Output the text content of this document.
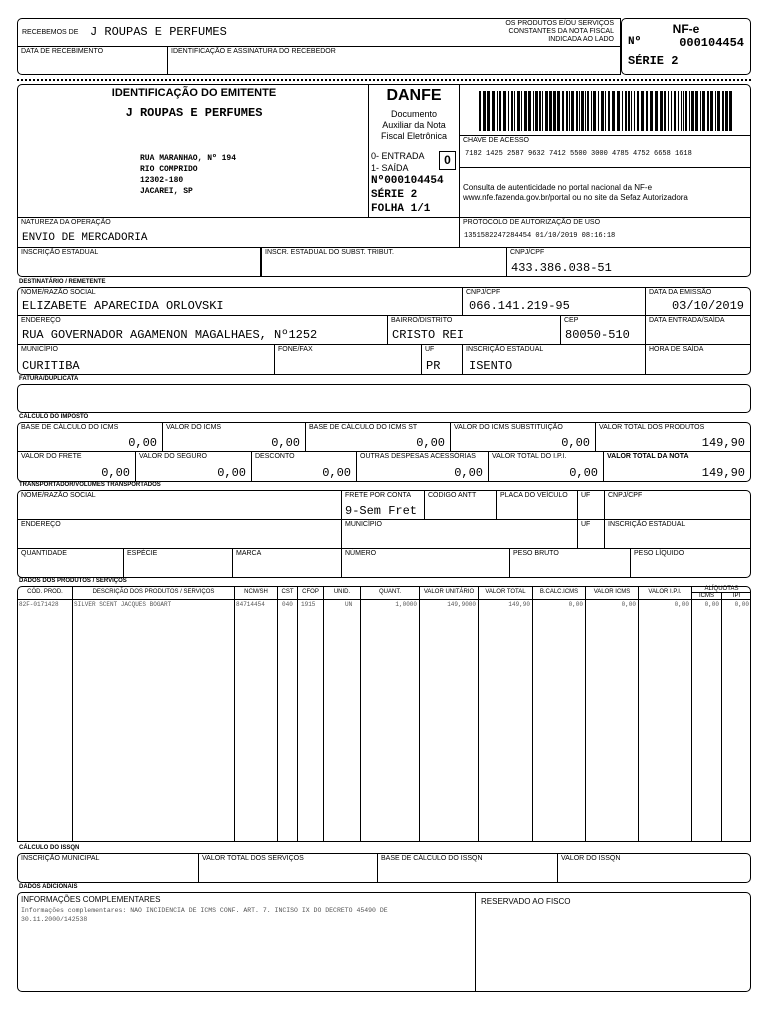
RECEBEMOS DE J ROUPAS E PERFUMES
OS PRODUTOS E/OU SERVIÇOS
CONSTANTES DA NOTA FISCAL
INDICADA AO LADO
DATA DE RECEBIMENTO	IDENTIFICAÇÃO E ASSINATURA DO RECEBEDOR
NF-e
Nº	000104454
SÉRIE 2
IDENTIFICAÇÃO DO EMITENTE
J ROUPAS E PERFUMES
RUA MARANHAO, Nº 194
RIO COMPRIDO
12302-180
JACAREI, SP
DANFE
Documento
Auxiliar da Nota
Fiscal Eletrônica
0- ENTRADA
1- SAÍDA
0
Nº000104454
SÉRIE 2
FOLHA 1/1
CHAVE DE ACESSO
7182 1425 2587 9632 7412 5500 3000 4785 4752 6658 1618
Consulta de autenticidade no portal nacional da NF-e
www.nfe.fazenda.gov.br/portal ou no site da Sefaz Autorizadora
NATUREZA DA OPERAÇÃO
ENVIO DE MERCADORIA
PROTOCOLO DE AUTORIZAÇÃO DE USO
1351582247284454 01/10/2019 08:16:18
INSCRIÇÃO ESTADUAL	INSCR. ESTADUAL DO SUBST. TRIBUT.	CNPJ/CPF
433.386.038-51
DESTINATÁRIO / REMETENTE
NOME/RAZÃO SOCIAL
ELIZABETE APARECIDA ORLOVSKI
CNPJ/CPF
066.141.219-95
DATA DA EMISSÃO
03/10/2019
ENDEREÇO
RUA GOVERNADOR AGAMENON MAGALHAES, Nº1252
BAIRRO/DISTRITO
CRISTO REI
CEP
80050-510
DATA ENTRADA/SAÍDA
MUNICÍPIO
CURITIBA
FONE/FAX	UF
PR
INSCRIÇÃO ESTADUAL
ISENTO
HORA DE SAÍDA
FATURA/DUPLICATA
CÁLCULO DO IMPOSTO
BASE DE CÁLCULO DO ICMS
0,00
VALOR DO ICMS
0,00
BASE DE CÁLCULO DO ICMS ST
0,00
VALOR DO ICMS SUBSTITUIÇÃO
0,00
VALOR TOTAL DOS PRODUTOS
149,90
VALOR DO FRETE
0,00
VALOR DO SEGURO
0,00
DESCONTO
0,00
OUTRAS DESPESAS ACESSÓRIAS
0,00
VALOR TOTAL DO I.P.I.
0,00
VALOR TOTAL DA NOTA
149,90
TRANSPORTADOR/VOLUMES TRANSPORTADOS
NOME/RAZÃO SOCIAL	FRETE POR CONTA
9-Sem Fret
CÓDIGO ANTT	PLACA DO VEÍCULO UF	CNPJ/CPF
ENDEREÇO	MUNICÍPIO	UF	INSCRIÇÃO ESTADUAL
QUANTIDADE	ESPÉCIE	MARCA	NÚMERO	PESO BRUTO	PESO LÍQUIDO
DADOS DOS PRODUTOS / SERVIÇOS
CÓD. PROD.	DESCRIÇÃO DOS PRODUTOS / SERVIÇOS	NCM/SH	CST	CFOP	UNID.	QUANT.	VALOR UNITÁRIO	VALOR TOTAL	B.CALC.ICMS	VALOR ICMS	VALOR I.P.I.	ALÍQUOTAS
ICMS	IPI
82F-0171428	SILVER SCENT JACQUES BOGART	84714454	040 1915	UN	1,0000	149,9000	149,90	0,00	0,00	0,00	0,00	0,00
CÁLCULO DO ISSQN
INSCRIÇÃO MUNICIPAL	VALOR TOTAL DOS SERVIÇOS	BASE DE CÁLCULO DO ISSQN	VALOR DO ISSQN
DADOS ADICIONAIS
INFORMAÇÕES COMPLEMENTARES
Informações complementares: NAO INCIDENCIA DE ICMS CONF. ART. 7. INCISO IX DO DECRETO 45490 DE
30.11.2000/142538
RESERVADO AO FISCO
